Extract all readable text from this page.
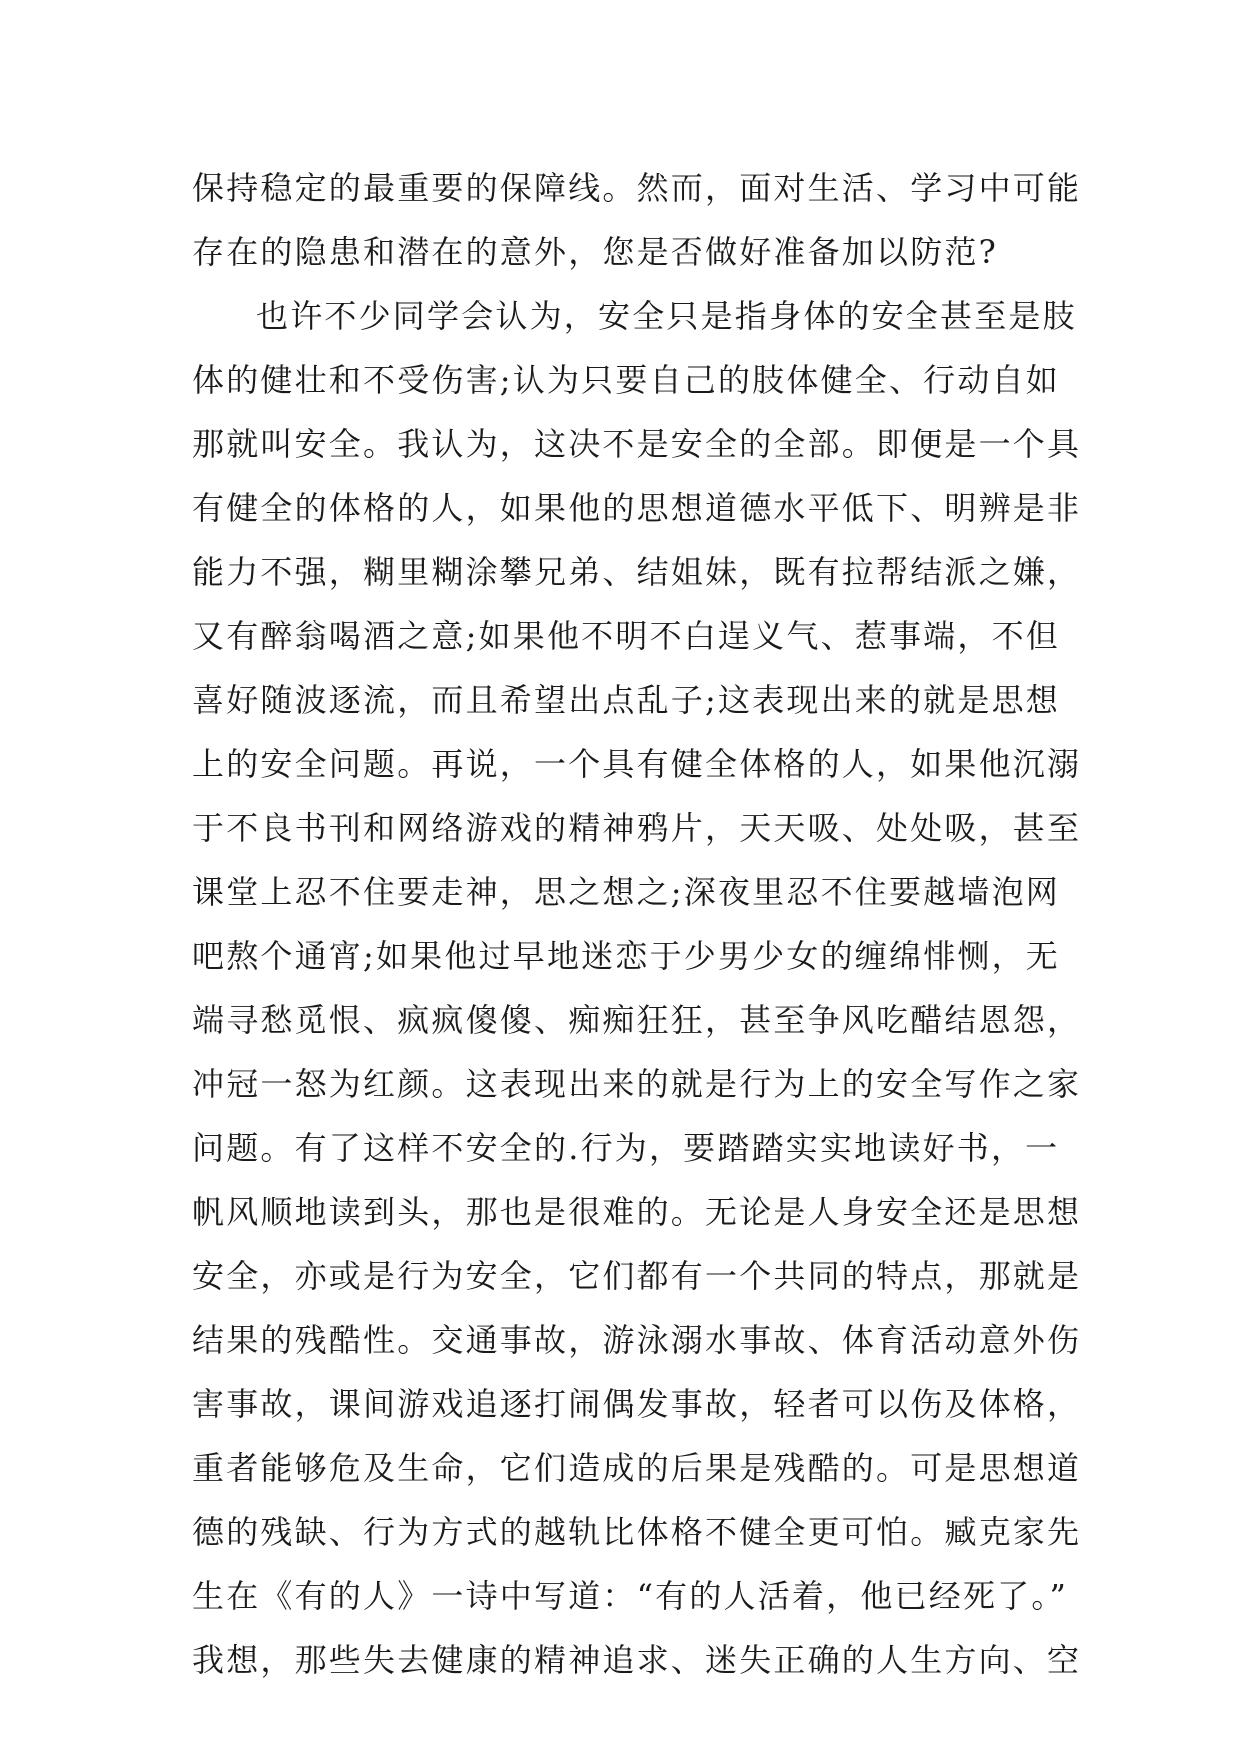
保持稳定的最重要的保障线。然而，面对生活、学习中可能
存在的隐患和潜在的意外，您是否做好准备加以防范?
也许不少同学会认为，安全只是指身体的安全甚至是肢
体的健壮和不受伤害;认为只要自己的肢体健全、行动自如
那就叫安全。我认为，这决不是安全的全部。即便是一个具
有健全的体格的人，如果他的思想道德水平低下、明辨是非
能力不强，糊里糊涂攀兄弟、结姐妹，既有拉帮结派之嫌，
又有醉翁喝酒之意;如果他不明不白逞义气、惹事端，不但
喜好随波逐流，而且希望出点乱子;这表现出来的就是思想
上的安全问题。再说，一个具有健全体格的人，如果他沉溺
于不良书刊和网络游戏的精神鸦片，天天吸、处处吸，甚至
课堂上忍不住要走神，思之想之;深夜里忍不住要越墙泡网
吧熬个通宵;如果他过早地迷恋于少男少女的缠绵悱恻，无
端寻愁觅恨、疯疯傻傻、痴痴狂狂，甚至争风吃醋结恩怨，
冲冠一怒为红颜。这表现出来的就是行为上的安全写作之家
问题。有了这样不安全的.行为，要踏踏实实地读好书，一
帆风顺地读到头，那也是很难的。无论是人身安全还是思想
安全，亦或是行为安全，它们都有一个共同的特点，那就是
结果的残酷性。交通事故，游泳溺水事故、体育活动意外伤
害事故，课间游戏追逐打闹偶发事故，轻者可以伤及体格，
重者能够危及生命，它们造成的后果是残酷的。可是思想道
德的残缺、行为方式的越轨比体格不健全更可怕。臧克家先
生在《有的人》一诗中写道：“有的人活着，他已经死了。”
我想，那些失去健康的精神追求、迷失正确的人生方向、空
